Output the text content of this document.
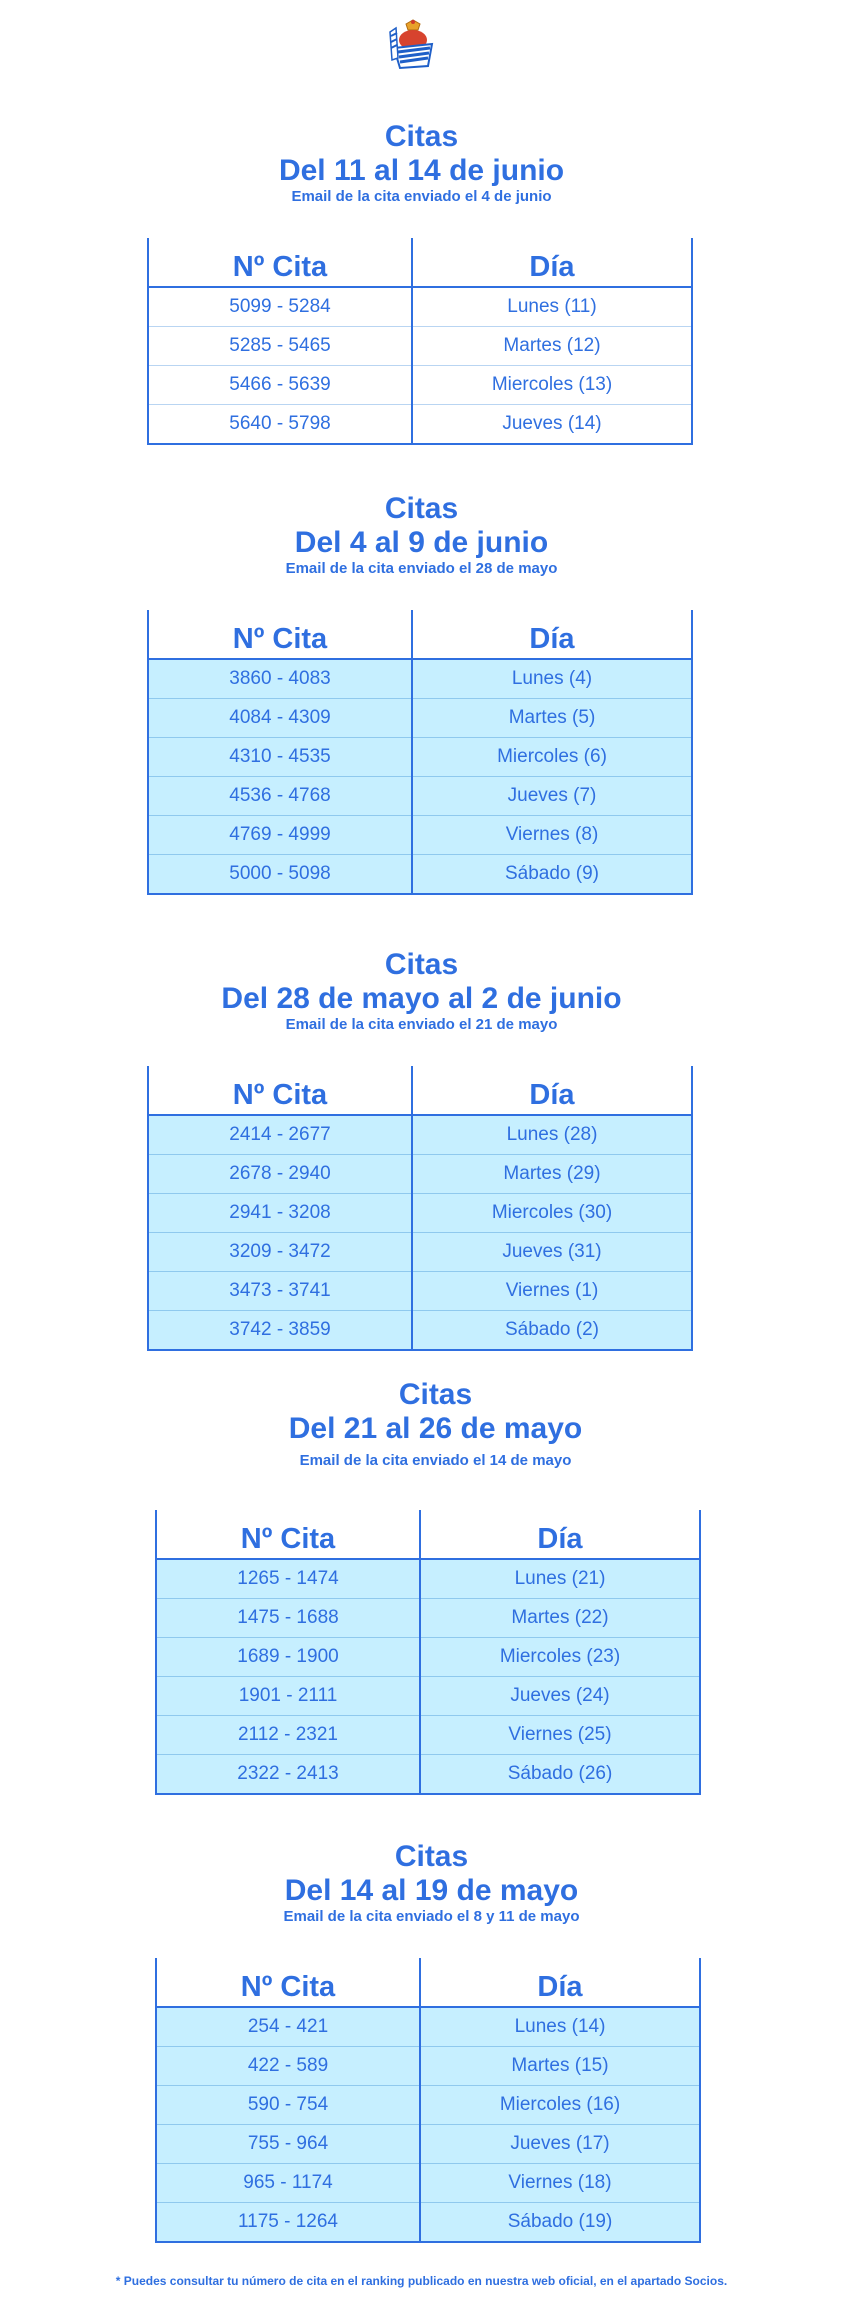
Citas
Del 11 al 14 de junio
Email de la cita enviado el 4 de junio
Nº Cita	Día
5099 - 5284	Lunes (11)
5285 - 5465	Martes (12)
5466 - 5639	Miercoles (13)
5640 - 5798	Jueves (14)
Citas
Del 4 al 9 de junio
Email de la cita enviado el 28 de mayo
Nº Cita	Día
3860 - 4083	Lunes (4)
4084 - 4309	Martes (5)
4310 - 4535	Miercoles (6)
4536 - 4768	Jueves (7)
4769 - 4999	Viernes (8)
5000 - 5098	Sábado (9)
Citas
Del 28 de mayo al 2 de junio
Email de la cita enviado el 21 de mayo
Nº Cita	Día
2414 - 2677	Lunes (28)
2678 - 2940	Martes (29)
2941 - 3208	Miercoles (30)
3209 - 3472	Jueves (31)
3473 - 3741	Viernes (1)
3742 - 3859	Sábado (2)
Citas
Del 21 al 26 de mayo
Email de la cita enviado el 14 de mayo
Nº Cita	Día
1265 - 1474	Lunes (21)
1475 - 1688	Martes (22)
1689 - 1900	Miercoles (23)
1901 - 2111	Jueves (24)
2112 - 2321	Viernes (25)
2322 - 2413	Sábado (26)
Citas
Del 14 al 19 de mayo
Email de la cita enviado el 8 y 11 de mayo
Nº Cita	Día
254 - 421	Lunes (14)
422 - 589	Martes (15)
590 - 754	Miercoles (16)
755 - 964	Jueves (17)
965 - 1174	Viernes (18)
1175 - 1264	Sábado (19)
* Puedes consultar tu número de cita en el ranking publicado en nuestra web oficial, en el apartado Socios.
